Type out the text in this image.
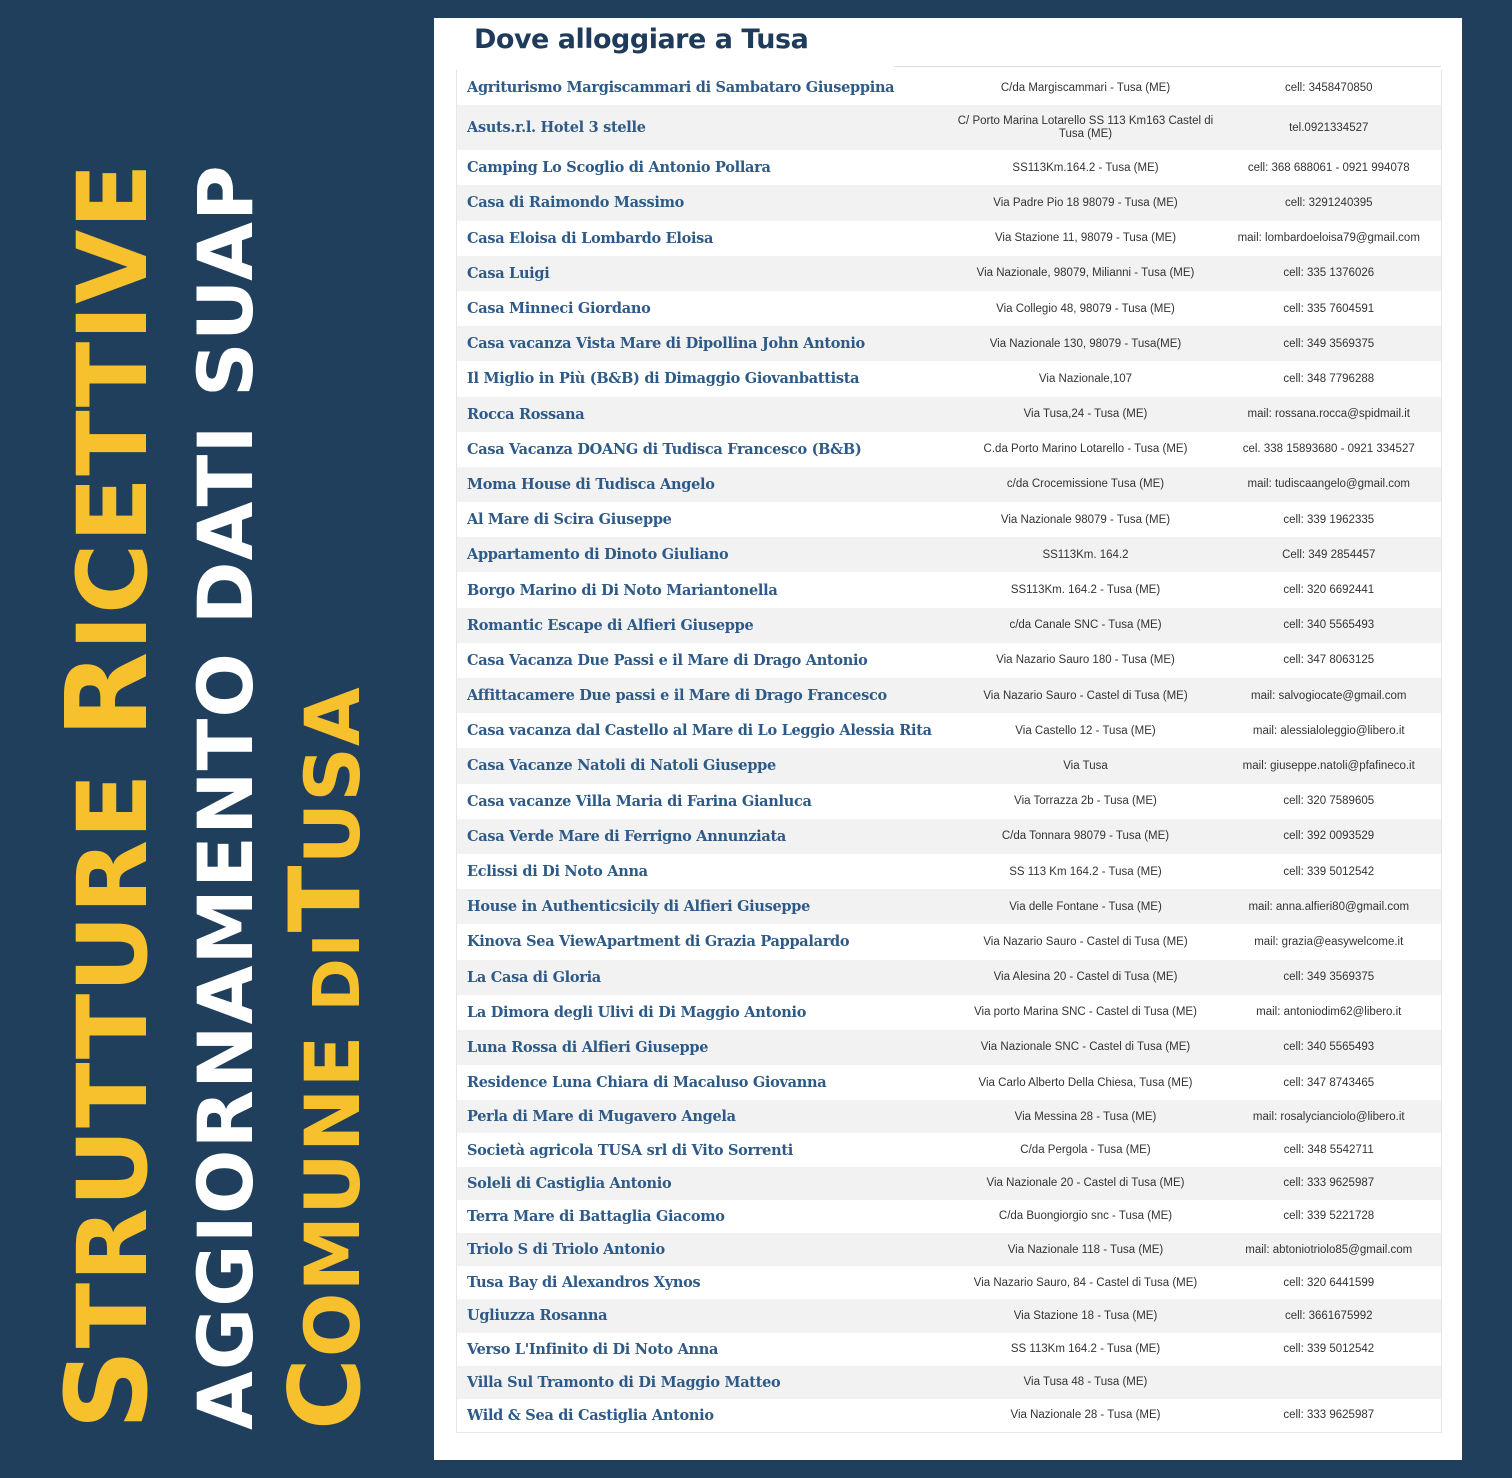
STRUTTURE RICETTIVE AGGIORNAMENTO DATI SUAP COMUNE DITUSA
Dove alloggiare a Tusa
Agriturismo Margiscammari di Sambataro Giuseppina	C/da Margiscammari - Tusa (ME)	cell: 3458470850
Asuts.r.l. Hotel 3 stelle	C/ Porto Marina Lotarello SS 113 Km163 Castel di Tusa (ME)	tel.0921334527
Camping Lo Scoglio di Antonio Pollara	SS113Km.164.2 - Tusa (ME)	cell: 368 688061 - 0921 994078
Casa di Raimondo Massimo	Via Padre Pio 18 98079 - Tusa (ME)	cell: 3291240395
Casa Eloisa di Lombardo Eloisa	Via Stazione 11, 98079 - Tusa (ME)	mail: lombardoeloisa79@gmail.com
Casa Luigi	Via Nazionale, 98079, Milianni - Tusa (ME)	cell: 335 1376026
Casa Minneci Giordano	Via Collegio 48, 98079 - Tusa (ME)	cell: 335 7604591
Casa vacanza Vista Mare di Dipollina John Antonio	Via Nazionale 130, 98079 - Tusa(ME)	cell: 349 3569375
Il Miglio in Più (B&B) di Dimaggio Giovanbattista	Via Nazionale,107	cell: 348 7796288
Rocca Rossana	Via Tusa,24 - Tusa (ME)	mail: rossana.rocca@spidmail.it
Casa Vacanza DOANG di Tudisca Francesco (B&B)	C.da Porto Marino Lotarello - Tusa (ME)	cel. 338 15893680 - 0921 334527
Moma House di Tudisca Angelo	c/da Crocemissione Tusa (ME)	mail: tudiscaangelo@gmail.com
Al Mare di Scira Giuseppe	Via Nazionale 98079 - Tusa (ME)	cell: 339 1962335
Appartamento di Dinoto Giuliano	SS113Km. 164.2	Cell: 349 2854457
Borgo Marino di Di Noto Mariantonella	SS113Km. 164.2 - Tusa (ME)	cell: 320 6692441
Romantic Escape di Alfieri Giuseppe	c/da Canale SNC - Tusa (ME)	cell: 340 5565493
Casa Vacanza Due Passi e il Mare di Drago Antonio	Via Nazario Sauro 180 - Tusa (ME)	cell: 347 8063125
Affittacamere Due passi e il Mare di Drago Francesco	Via Nazario Sauro - Castel di Tusa (ME)	mail: salvogiocate@gmail.com
Casa vacanza dal Castello al Mare di Lo Leggio Alessia Rita	Via Castello 12 - Tusa (ME)	mail: alessialoleggio@libero.it
Casa Vacanze Natoli di Natoli Giuseppe	Via Tusa	mail: giuseppe.natoli@pfafineco.it
Casa vacanze Villa Maria di Farina Gianluca	Via Torrazza 2b - Tusa (ME)	cell: 320 7589605
Casa Verde Mare di Ferrigno Annunziata	C/da Tonnara 98079 - Tusa (ME)	cell: 392 0093529
Eclissi di Di Noto Anna	SS 113 Km 164.2 - Tusa (ME)	cell: 339 5012542
House in Authenticsicily di Alfieri Giuseppe	Via delle Fontane - Tusa (ME)	mail: anna.alfieri80@gmail.com
Kinova Sea ViewApartment di Grazia Pappalardo	Via Nazario Sauro - Castel di Tusa (ME)	mail: grazia@easywelcome.it
La Casa di Gloria	Via Alesina 20 - Castel di Tusa (ME)	cell: 349 3569375
La Dimora degli Ulivi di Di Maggio Antonio	Via porto Marina SNC - Castel di Tusa (ME)	mail: antoniodim62@libero.it
Luna Rossa di Alfieri Giuseppe	Via Nazionale SNC - Castel di Tusa (ME)	cell: 340 5565493
Residence Luna Chiara di Macaluso Giovanna	Via Carlo Alberto Della Chiesa, Tusa (ME)	cell: 347 8743465
Perla di Mare di Mugavero Angela	Via Messina 28 - Tusa (ME)	mail: rosalycianciolo@libero.it
Società agricola TUSA srl di Vito Sorrenti	C/da Pergola - Tusa (ME)	cell: 348 5542711
Soleli di Castiglia Antonio	Via Nazionale 20 - Castel di Tusa (ME)	cell: 333 9625987
Terra Mare di Battaglia Giacomo	C/da Buongiorgio snc - Tusa (ME)	cell: 339 5221728
Triolo S di Triolo Antonio	Via Nazionale 118 - Tusa (ME)	mail: abtoniotriolo85@gmail.com
Tusa Bay di Alexandros Xynos	Via Nazario Sauro, 84 - Castel di Tusa (ME)	cell: 320 6441599
Ugliuzza Rosanna	Via Stazione 18 - Tusa (ME)	cell: 3661675992
Verso L'Infinito di Di Noto Anna	SS 113Km 164.2 - Tusa (ME)	cell: 339 5012542
Villa Sul Tramonto di Di Maggio Matteo	Via Tusa 48 - Tusa (ME)	
Wild & Sea di Castiglia Antonio	Via Nazionale 28 - Tusa (ME)	cell: 333 9625987
